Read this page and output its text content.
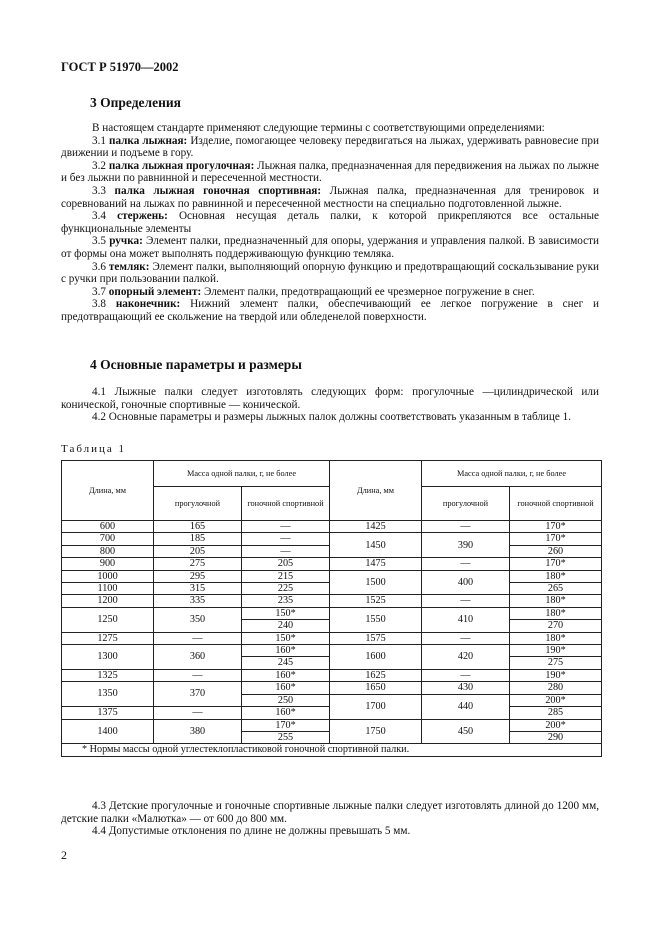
ГОСТ Р 51970—2002
3 Определения

В настоящем стандарте применяют следующие термины с соответствующими определениями:

3.1 палка лыжная: Изделие, помогающее человеку передвигаться на лыжах, удерживать равновесие при движении и подъеме в гору.

3.2 палка лыжная прогулочная: Лыжная палка, предназначенная для передвижения на лыжах по лыжне и без лыжни по равнинной и пересеченной местности.

3.3 палка лыжная гоночная спортивная: Лыжная палка, предназначенная для тренировок и соревнований на лыжах по равнинной и пересеченной местности на специально подготовленной лыжне.

3.4 стержень: Основная несущая деталь палки, к которой прикрепляются все остальные функциональные элементы

3.5 ручка: Элемент палки, предназначенный для опоры, удержания и управления палкой. В зависимости от формы она может выполнять поддерживающую функцию темляка.

3.6 темляк: Элемент палки, выполняющий опорную функцию и предотвращающий соскальзывание руки с ручки при пользовании палкой.

3.7 опорный элемент: Элемент палки, предотвращающий ее чрезмерное погружение в снег.

3.8 наконечник: Нижний элемент палки, обеспечивающий ее легкое погружение в снег и предотвращающий ее скольжение на твердой или обледенелой поверхности.

4 Основные параметры и размеры

4.1 Лыжные палки следует изготовлять следующих форм: прогулочные —цилиндрической или конической, гоночные спортивные — конической.

4.2 Основные параметры и размеры лыжных палок должны соответствовать указанным в таблице 1.

Таблица 1
Длина, мм	Масса одной палки, г, не более		Длина, мм	Масса одной палки, г, не более	
	прогулочной	гоночной спортивной		прогулочной	гоночной спортивной
600	165	—	1425	—	170*
700	185	—	1450	390	170*
800	205	—			260
900	275	205	1475	—	170*
1000	295	215	1500	400	180*
1100	315	225			265
1200	335	235	1525	—	180*
1250	350	150*	1550	410	180*
		240			270
1275	—	150*	1575	—	180*
1300	360	160*	1600	420	190*
		245			275
1325	—	160*	1625	—	190*
1350	370	160*	1650	430	280
		250	1700	440	200*
1375	—	160*			285
1400	380	170*	1750	450	200*
		255			290
* Нормы массы одной углестеклопластиковой гоночной спортивной палки.					

4.3 Детские прогулочные и гоночные спортивные лыжные палки следует изготовлять длиной до 1200 мм, детские палки «Малютка» — от 600 до 800 мм.

4.4 Допустимые отклонения по длине не должны превышать 5 мм.

2
